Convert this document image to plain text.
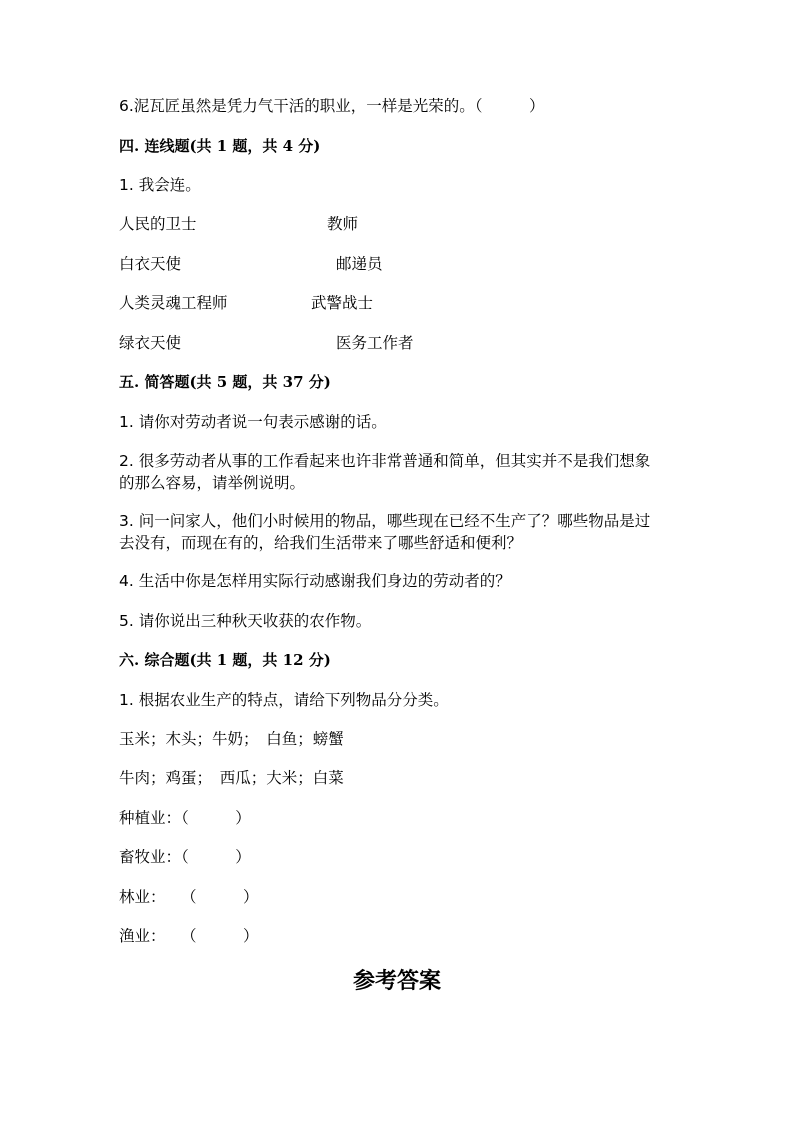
6.泥瓦匠虽然是凭力气干活的职业，一样是光荣的。（　　　）
四. 连线题(共 1 题，共 4 分)
1. 我会连。
人民的卫士	教师
白衣天使	邮递员
人类灵魂工程师	武警战士
绿衣天使	医务工作者
五. 简答题(共 5 题，共 37 分)
1. 请你对劳动者说一句表示感谢的话。
2. 很多劳动者从事的工作看起来也许非常普通和简单，但其实并不是我们想象
的那么容易，请举例说明。
3. 问一问家人，他们小时候用的物品，哪些现在已经不生产了？哪些物品是过
去没有，而现在有的，给我们生活带来了哪些舒适和便利？
4. 生活中你是怎样用实际行动感谢我们身边的劳动者的？
5. 请你说出三种秋天收获的农作物。
六. 综合题(共 1 题，共 12 分)
1. 根据农业生产的特点，请给下列物品分分类。
玉米；木头；牛奶；　白鱼；螃蟹
牛肉；鸡蛋；　西瓜；大米；白菜
种植业：（　　　）
畜牧业：（　　　）
林业：　　（　　　）
渔业：　　（　　　）
参考答案
